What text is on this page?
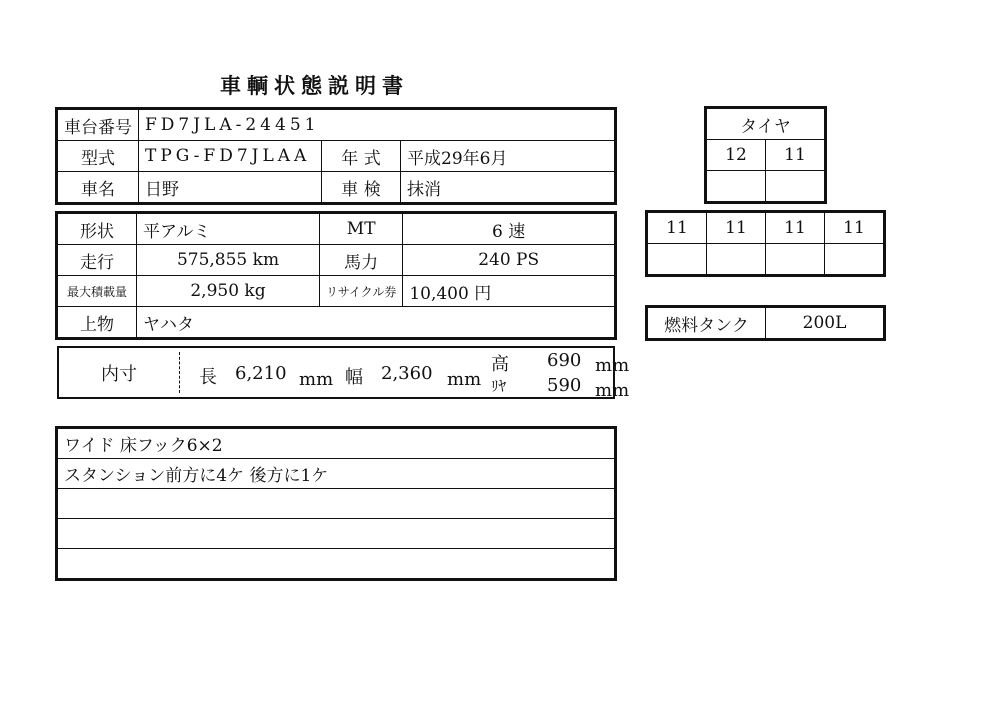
車輌状態説明書
車台番号	FD7JLA-24451		
型式	TPG-FD7JLAA	年 式	平成29年6月
車名	日野	車 検	抹消
形状	平アルミ	MT	6 速
走行	575,855 km	馬力	240 PS
最大積載量	2,950 kg	リサイクル券	10,400 円
上物	ヤハタ		
内寸	長 6,210 mm 幅 2,360 mm
高 690 mm
ﾘﾔ 590 mm
ワイド 床フック6×2
スタンション前方に4ケ 後方に1ケ

タイヤ	
12	11

11	11	11	11

燃料タンク	200L
